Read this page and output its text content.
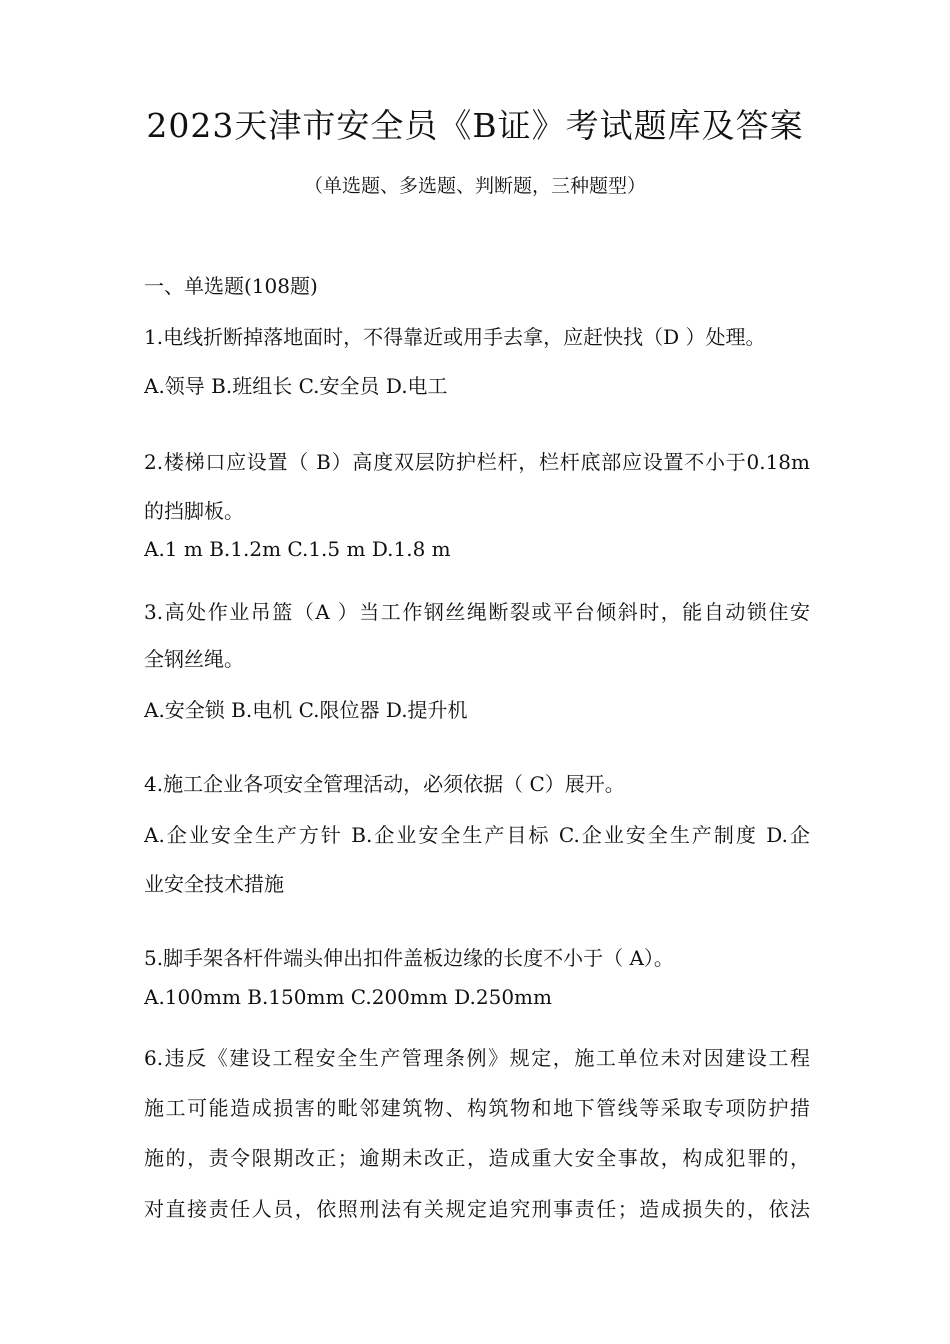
2023天津市安全员《B证》考试题库及答案
（单选题、多选题、判断题，三种题型）
一、单选题(108题)
1.电线折断掉落地面时，不得靠近或用手去拿，应赶快找（D ）处理。
A.领导 B.班组长 C.安全员 D.电工
2.楼梯口应设置（ B）高度双层防护栏杆，栏杆底部应设置不小于0.18m
的挡脚板。
A.1 m B.1.2m C.1.5 m D.1.8 m
3.高处作业吊篮（A ）当工作钢丝绳断裂或平台倾斜时，能自动锁住安
全钢丝绳。
A.安全锁 B.电机 C.限位器 D.提升机
4.施工企业各项安全管理活动，必须依据（ C）展开。
A.企业安全生产方针 B.企业安全生产目标 C.企业安全生产制度 D.企
业安全技术措施
5.脚手架各杆件端头伸出扣件盖板边缘的长度不小于（ A）。
A.100mm B.150mm C.200mm D.250mm
6.违反《建设工程安全生产管理条例》规定，施工单位未对因建设工程
施工可能造成损害的毗邻建筑物、构筑物和地下管线等采取专项防护措
施的，责令限期改正；逾期未改正，造成重大安全事故，构成犯罪的，
对直接责任人员，依照刑法有关规定追究刑事责任；造成损失的，依法
